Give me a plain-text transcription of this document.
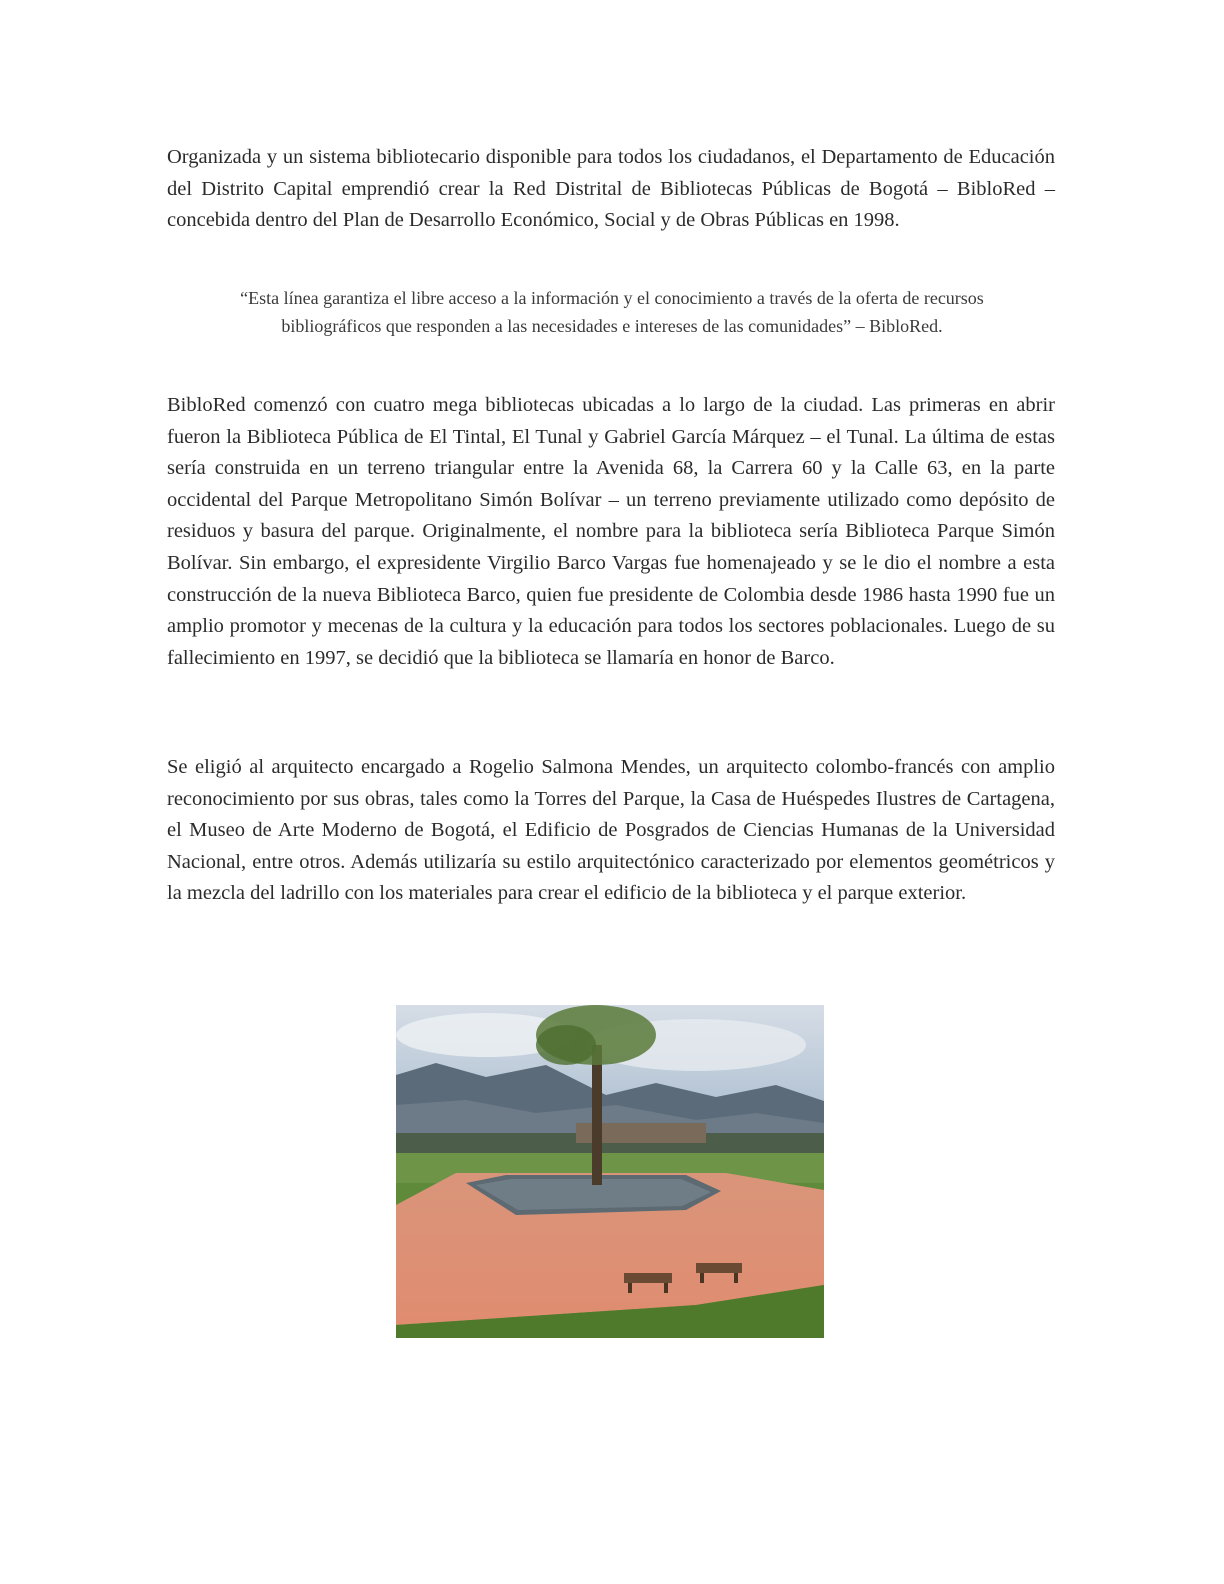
Organizada y un sistema bibliotecario disponible para todos los ciudadanos, el Departamento de Educación del Distrito Capital emprendió crear la Red Distrital de Bibliotecas Públicas de Bogotá – BibloRed – concebida dentro del Plan de Desarrollo Económico, Social y de Obras Públicas en 1998.

“Esta línea garantiza el libre acceso a la información y el conocimiento a través de la oferta de recursos bibliográficos que responden a las necesidades e intereses de las comunidades” – BibloRed.

BibloRed comenzó con cuatro mega bibliotecas ubicadas a lo largo de la ciudad. Las primeras en abrir fueron la Biblioteca Pública de El Tintal, El Tunal y Gabriel García Márquez – el Tunal. La última de estas sería construida en un terreno triangular entre la Avenida 68, la Carrera 60 y la Calle 63, en la parte occidental del Parque Metropolitano Simón Bolívar – un terreno previamente utilizado como depósito de residuos y basura del parque. Originalmente, el nombre para la biblioteca sería Biblioteca Parque Simón Bolívar. Sin embargo, el expresidente Virgilio Barco Vargas fue homenajeado y se le dio el nombre a esta construcción de la nueva Biblioteca Barco, quien fue presidente de Colombia desde 1986 hasta 1990 fue un amplio promotor y mecenas de la cultura y la educación para todos los sectores poblacionales. Luego de su fallecimiento en 1997, se decidió que la biblioteca se llamaría en honor de Barco.

Se eligió al arquitecto encargado a Rogelio Salmona Mendes, un arquitecto colombo-francés con amplio reconocimiento por sus obras, tales como la Torres del Parque, la Casa de Huéspedes Ilustres de Cartagena, el Museo de Arte Moderno de Bogotá, el Edificio de Posgrados de Ciencias Humanas de la Universidad Nacional, entre otros. Además utilizaría su estilo arquitectónico caracterizado por elementos geométricos y la mezcla del ladrillo con los materiales para crear el edificio de la biblioteca y el parque exterior.
